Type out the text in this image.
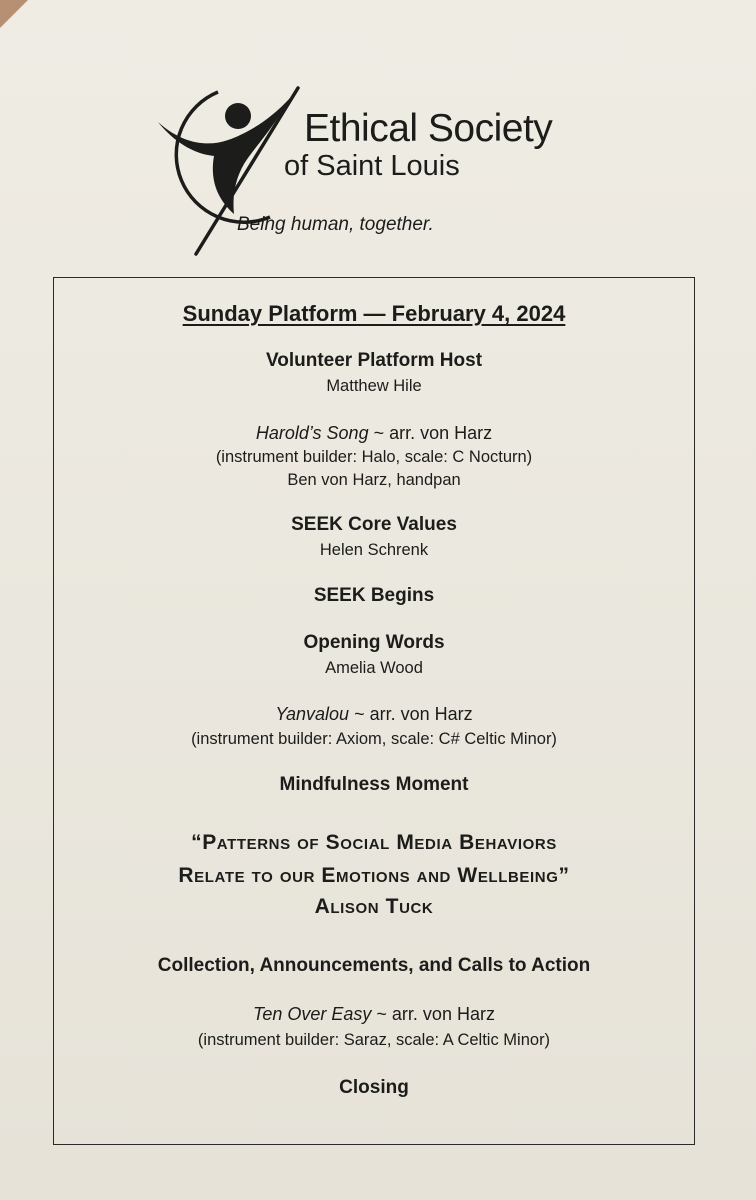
Ethical Society
of Saint Louis
Being human, together.
Sunday Platform — February 4, 2024
Volunteer Platform Host
Matthew Hile
Harold’s Song ~ arr. von Harz
(instrument builder: Halo, scale: C Nocturn)
Ben von Harz, handpan
SEEK Core Values
Helen Schrenk
SEEK Begins
Opening Words
Amelia Wood
Yanvalou ~ arr. von Harz
(instrument builder: Axiom, scale: C# Celtic Minor)
Mindfulness Moment
“Patterns of Social Media Behaviors
Relate to our Emotions and Wellbeing”
Alison Tuck
Collection, Announcements, and Calls to Action
Ten Over Easy ~ arr. von Harz
(instrument builder: Saraz, scale: A Celtic Minor)
Closing
